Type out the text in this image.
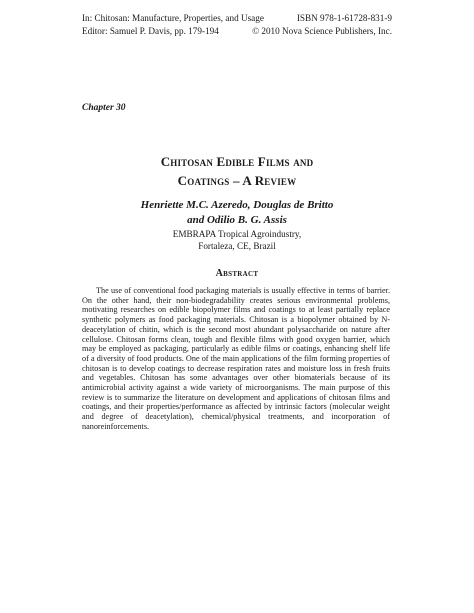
In: Chitosan: Manufacture, Properties, and Usage	ISBN 978-1-61728-831-9
Editor: Samuel P. Davis, pp. 179-194	© 2010 Nova Science Publishers, Inc.
Chapter 30
Chitosan Edible Films and
Coatings – A Review
Henriette M.C. Azeredo, Douglas de Britto
and Odilio B. G. Assis
EMBRAPA Tropical Agroindustry,
Fortaleza, CE, Brazil
Abstract

The use of conventional food packaging materials is usually effective in terms of barrier. On the other hand, their non-biodegradability creates serious environmental problems, motivating researches on edible biopolymer films and coatings to at least partially replace synthetic polymers as food packaging materials. Chitosan is a biopolymer obtained by N-deacetylation of chitin, which is the second most abundant polysaccharide on nature after cellulose. Chitosan forms clean, tough and flexible films with good oxygen barrier, which may be employed as packaging, particularly as edible films or coatings, enhancing shelf life of a diversity of food products. One of the main applications of the film forming properties of chitosan is to develop coatings to decrease respiration rates and moisture loss in fresh fruits and vegetables. Chitosan has some advantages over other biomaterials because of its antimicrobial activity against a wide variety of microorganisms. The main purpose of this review is to summarize the literature on development and applications of chitosan films and coatings, and their properties/performance as affected by intrinsic factors (molecular weight and degree of deacetylation), chemical/physical treatments, and incorporation of nanoreinforcements.
